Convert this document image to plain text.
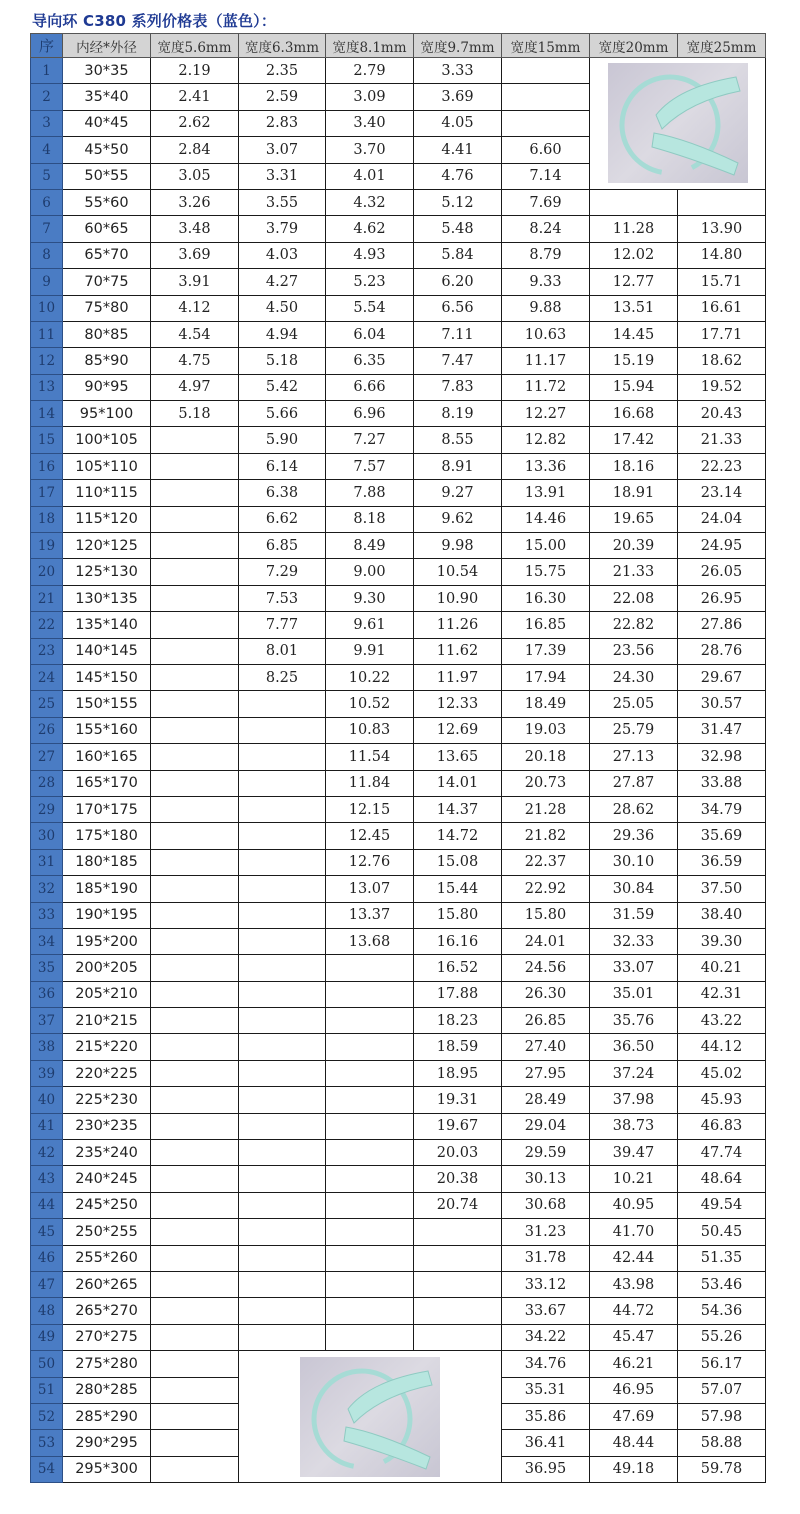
导向环 C380 系列价格表（蓝色）：
序	内经*外径	宽度5.6mm	宽度6.3mm	宽度8.1mm	宽度9.7mm	宽度15mm	宽度20mm	宽度25mm
1	30*35	2.19	2.35	2.79	3.33		

2	35*40	2.41	2.59	3.09	3.69			
3	40*45	2.62	2.83	3.40	4.05			
4	45*50	2.84	3.07	3.70	4.41	6.60		
5	50*55	3.05	3.31	4.01	4.76	7.14		
6	55*60	3.26	3.55	4.32	5.12	7.69		
7	60*65	3.48	3.79	4.62	5.48	8.24	11.28	13.90
8	65*70	3.69	4.03	4.93	5.84	8.79	12.02	14.80
9	70*75	3.91	4.27	5.23	6.20	9.33	12.77	15.71
10	75*80	4.12	4.50	5.54	6.56	9.88	13.51	16.61
11	80*85	4.54	4.94	6.04	7.11	10.63	14.45	17.71
12	85*90	4.75	5.18	6.35	7.47	11.17	15.19	18.62
13	90*95	4.97	5.42	6.66	7.83	11.72	15.94	19.52
14	95*100	5.18	5.66	6.96	8.19	12.27	16.68	20.43
15	100*105		5.90	7.27	8.55	12.82	17.42	21.33
16	105*110		6.14	7.57	8.91	13.36	18.16	22.23
17	110*115		6.38	7.88	9.27	13.91	18.91	23.14
18	115*120		6.62	8.18	9.62	14.46	19.65	24.04
19	120*125		6.85	8.49	9.98	15.00	20.39	24.95
20	125*130		7.29	9.00	10.54	15.75	21.33	26.05
21	130*135		7.53	9.30	10.90	16.30	22.08	26.95
22	135*140		7.77	9.61	11.26	16.85	22.82	27.86
23	140*145		8.01	9.91	11.62	17.39	23.56	28.76
24	145*150		8.25	10.22	11.97	17.94	24.30	29.67
25	150*155			10.52	12.33	18.49	25.05	30.57
26	155*160			10.83	12.69	19.03	25.79	31.47
27	160*165			11.54	13.65	20.18	27.13	32.98
28	165*170			11.84	14.01	20.73	27.87	33.88
29	170*175			12.15	14.37	21.28	28.62	34.79
30	175*180			12.45	14.72	21.82	29.36	35.69
31	180*185			12.76	15.08	22.37	30.10	36.59
32	185*190			13.07	15.44	22.92	30.84	37.50
33	190*195			13.37	15.80	15.80	31.59	38.40
34	195*200			13.68	16.16	24.01	32.33	39.30
35	200*205				16.52	24.56	33.07	40.21
36	205*210				17.88	26.30	35.01	42.31
37	210*215				18.23	26.85	35.76	43.22
38	215*220				18.59	27.40	36.50	44.12
39	220*225				18.95	27.95	37.24	45.02
40	225*230				19.31	28.49	37.98	45.93
41	230*235				19.67	29.04	38.73	46.83
42	235*240				20.03	29.59	39.47	47.74
43	240*245				20.38	30.13	10.21	48.64
44	245*250				20.74	30.68	40.95	49.54
45	250*255					31.23	41.70	50.45
46	255*260					31.78	42.44	51.35
47	260*265					33.12	43.98	53.46
48	265*270					33.67	44.72	54.36
49	270*275					34.22	45.47	55.26
50	275*280					34.76	46.21	56.17
51	280*285					35.31	46.95	57.07
52	285*290					35.86	47.69	57.98
53	290*295					36.41	48.44	58.88
54	295*300					36.95	49.18	59.78
